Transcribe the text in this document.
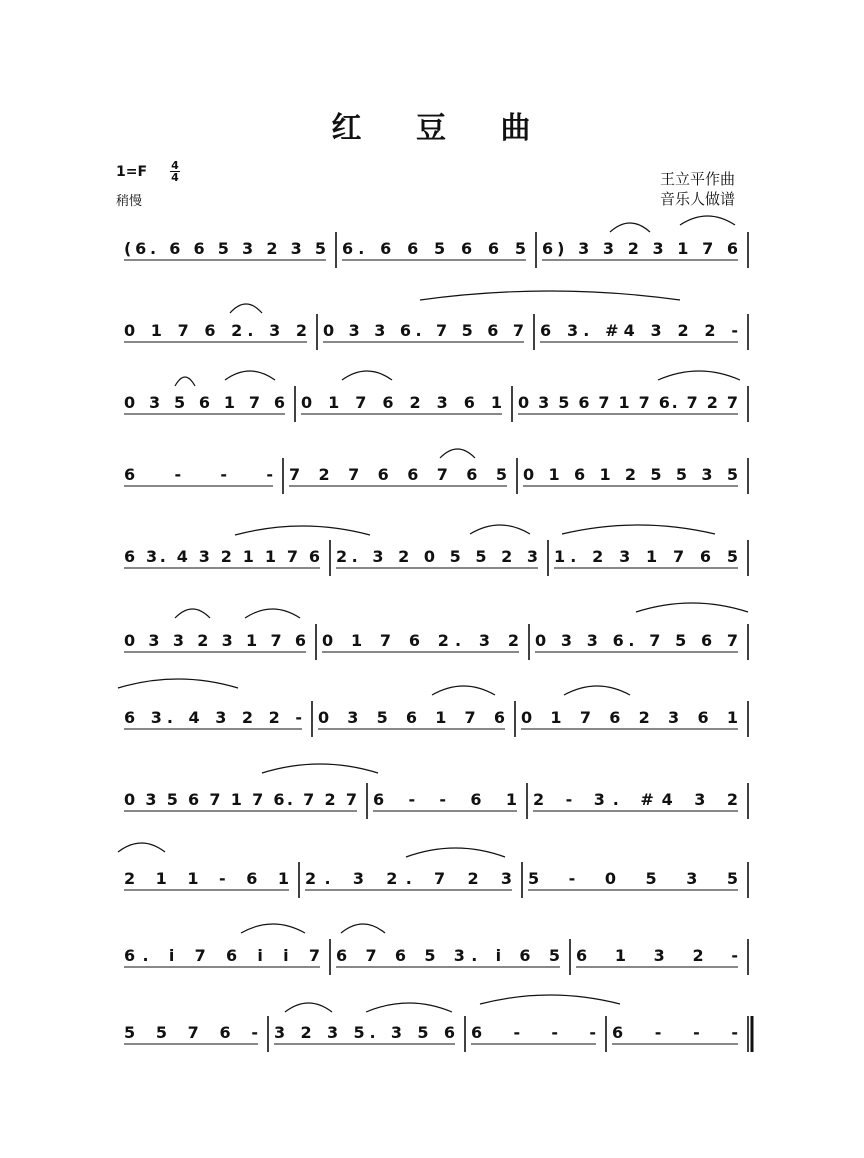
红 豆 曲
1=F 4
4
稍慢
王立平作曲
音乐人做谱
(6. 6 6 5 3 2 3 5 6. 6 6 5 6 6 5 6) 3 3 2 3 1 7 6
0 1 7 6 2. 3 2 0 3 3 6. 7 5 6 7 6 3. #4 3 2 2 -
0 3 5 6 1 7 6 0 1 7 6 2 3 6 1 0 3 5 6 7 1 7 6. 7 2 7
6 - - - 7 2 7 6 6 7 6 5 0 1 6 1 2 5 5 3 5
6 3. 4 3 2 1 1 7 6 2. 3 2 0 5 5 2 3 1. 2 3 1 7 6 5
0 3 3 2 3 1 7 6 0 1 7 6 2. 3 2 0 3 3 6. 7 5 6 7
6 3. 4 3 2 2 - 0 3 5 6 1 7 6 0 1 7 6 2 3 6 1
0 3 5 6 7 1 7 6. 7 2 7 6 - - 6 1 2 - 3. #4 3 2
2 1 1 - 6 1 2. 3 2. 7 2 3 5 - 0 5 3 5
6. i 7 6 i i 7 6 7 6 5 3. i 6 5 6 1 3 2 -
5 5 7 6 - 3 2 3 5. 3 5 6 6 - - - 6 - - -
